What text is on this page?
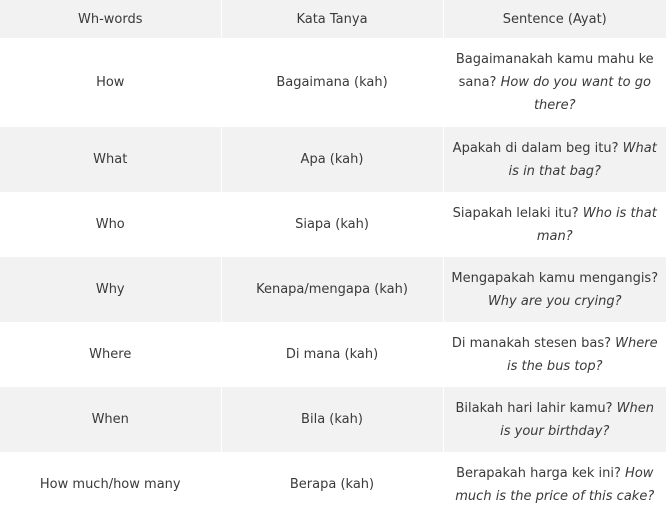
Wh-words	Kata Tanya	Sentence (Ayat)
How	Bagaimana (kah)	Bagaimanakah kamu mahu ke sana? How do you want to go there?
What	Apa (kah)	Apakah di dalam beg itu? What is in that bag?
Who	Siapa (kah)	Siapakah lelaki itu? Who is that man?
Why	Kenapa/mengapa (kah)	Mengapakah kamu mengangis? Why are you crying?
Where	Di mana (kah)	Di manakah stesen bas? Where is the bus top?
When	Bila (kah)	Bilakah hari lahir kamu? When is your birthday?
How much/how many	Berapa (kah)	Berapakah harga kek ini? How much is the price of this cake?
